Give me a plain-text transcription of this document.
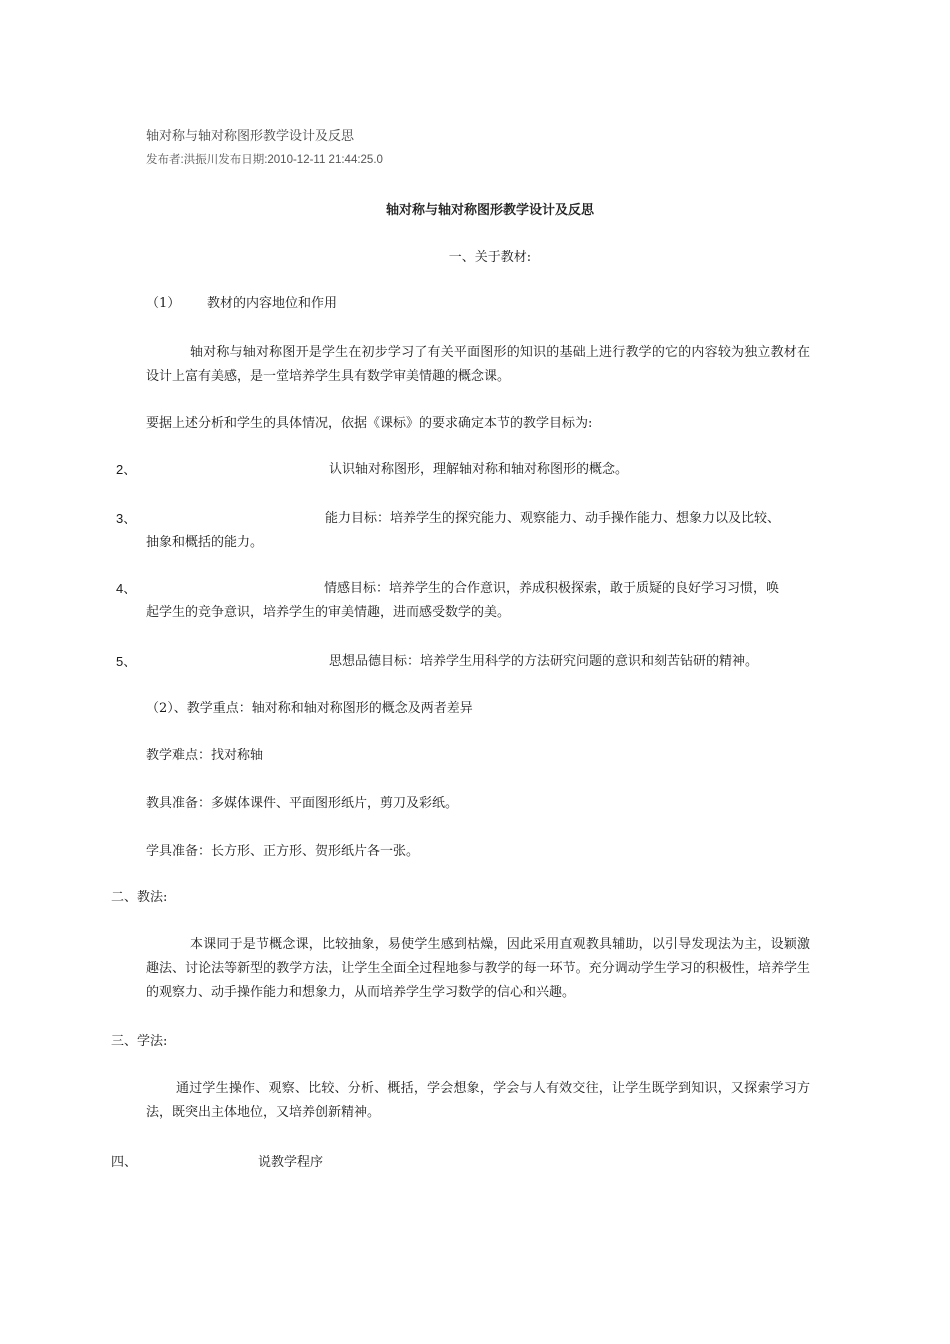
轴对称与轴对称图形教学设计及反思
发布者:洪振川发布日期:2010-12-11 21:44:25.0
轴对称与轴对称图形教学设计及反思
一、关于教材:
（1） 教材的内容地位和作用
轴对称与轴对称图开是学生在初步学习了有关平面图形的知识的基础上进行教学的它的内容较为独立教材在设计上富有美感，是一堂培养学生具有数学审美情趣的概念课。
要据上述分析和学生的具体情况，依据《课标》的要求确定本节的教学目标为:
2、	认识轴对称图形，理解轴对称和轴对称图形的概念。
3、	能力目标：培养学生的探究能力、观察能力、动手操作能力、想象力以及比较、
抽象和概括的能力。
4、	情感目标：培养学生的合作意识，养成积极探索，敢于质疑的良好学习习惯，唤
起学生的竞争意识，培养学生的审美情趣，进而感受数学的美。
5、	思想品德目标：培养学生用科学的方法研究问题的意识和刻苦钻研的精神。
（2）、教学重点：轴对称和轴对称图形的概念及两者差异
教学难点：找对称轴
教具准备：多媒体课件、平面图形纸片，剪刀及彩纸。
学具准备：长方形、正方形、贺形纸片各一张。
二、教法:
本课同于是节概念课，比较抽象，易使学生感到枯燥，因此采用直观教具辅助，以引导发现法为主，设颖激趣法、讨论法等新型的教学方法，让学生全面全过程地参与教学的每一环节。充分调动学生学习的积极性，培养学生的观察力、动手操作能力和想象力，从而培养学生学习数学的信心和兴趣。
三、学法:
通过学生操作、观察、比较、分析、概括，学会想象，学会与人有效交往，让学生既学到知识，又探索学习方法，既突出主体地位，又培养创新精神。
四、	说教学程序
